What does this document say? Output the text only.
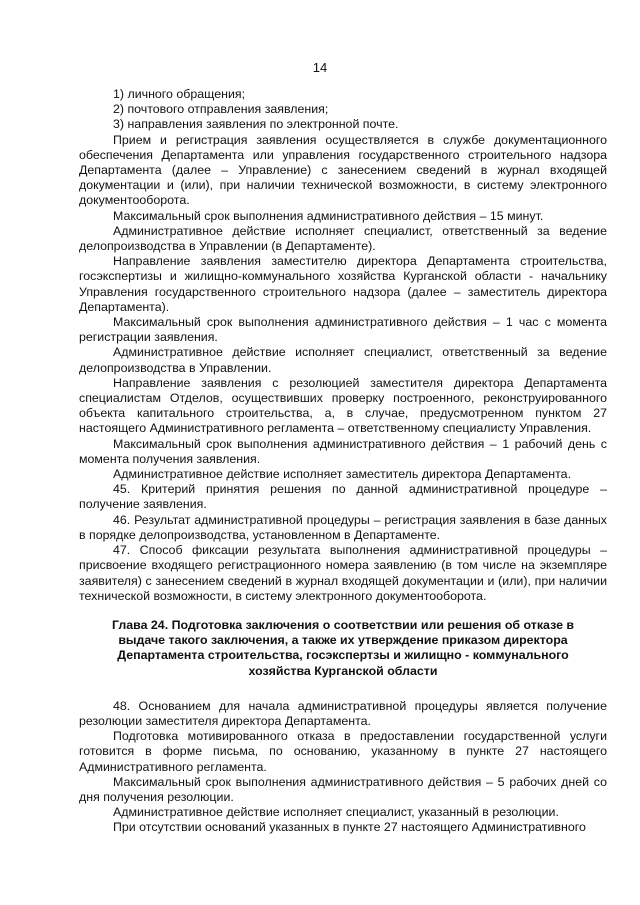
14

1) личного обращения;

2) почтового отправления заявления;

3) направления заявления по электронной почте.

Прием и регистрация заявления осуществляется в службе документационного обеспечения Департамента или управления государственного строительного надзора Департамента (далее – Управление) с занесением сведений в журнал входящей документации и (или), при наличии технической возможности, в систему электронного документооборота.

Максимальный срок выполнения административного действия – 15 минут.

Административное действие исполняет специалист, ответственный за ведение делопроизводства в Управлении (в Департаменте).

Направление заявления заместителю директора Департамента строительства, госэкспертизы и жилищно-коммунального хозяйства Курганской области - начальнику Управления государственного строительного надзора (далее – заместитель директора Департамента).

Максимальный срок выполнения административного действия – 1 час с момента регистрации заявления.

Административное действие исполняет специалист, ответственный за ведение делопроизводства в Управлении.

Направление заявления с резолюцией заместителя директора Департамента специалистам Отделов, осуществивших проверку построенного, реконструированного объекта капитального строительства, а, в случае, предусмотренном пунктом 27 настоящего Административного регламента – ответственному специалисту Управления.

Максимальный срок выполнения административного действия – 1 рабочий день с момента получения заявления.

Административное действие исполняет заместитель директора Департамента.

45. Критерий принятия решения по данной административной процедуре – получение заявления.

46. Результат административной процедуры – регистрация заявления в базе данных в порядке делопроизводства, установленном в Департаменте.

47. Способ фиксации результата выполнения административной процедуры – присвоение входящего регистрационного номера заявлению (в том числе на экземпляре заявителя) с занесением сведений в журнал входящей документации и (или), при наличии технической возможности, в систему электронного документооборота.

Глава 24. Подготовка заключения о соответствии или решения об отказе в выдаче такого заключения, а также их утверждение приказом директора Департамента строительства, госэкспертзы и жилищно - коммунального хозяйства Курганской области

48. Основанием для начала административной процедуры является получение резолюции заместителя директора Департамента.

Подготовка мотивированного отказа в предоставлении государственной услуги готовится в форме письма, по основанию, указанному в пункте 27 настоящего Административного регламента.

Максимальный срок выполнения административного действия – 5 рабочих дней со дня получения резолюции.

Административное действие исполняет специалист, указанный в резолюции.

При отсутствии оснований указанных в пункте 27 настоящего Административного
